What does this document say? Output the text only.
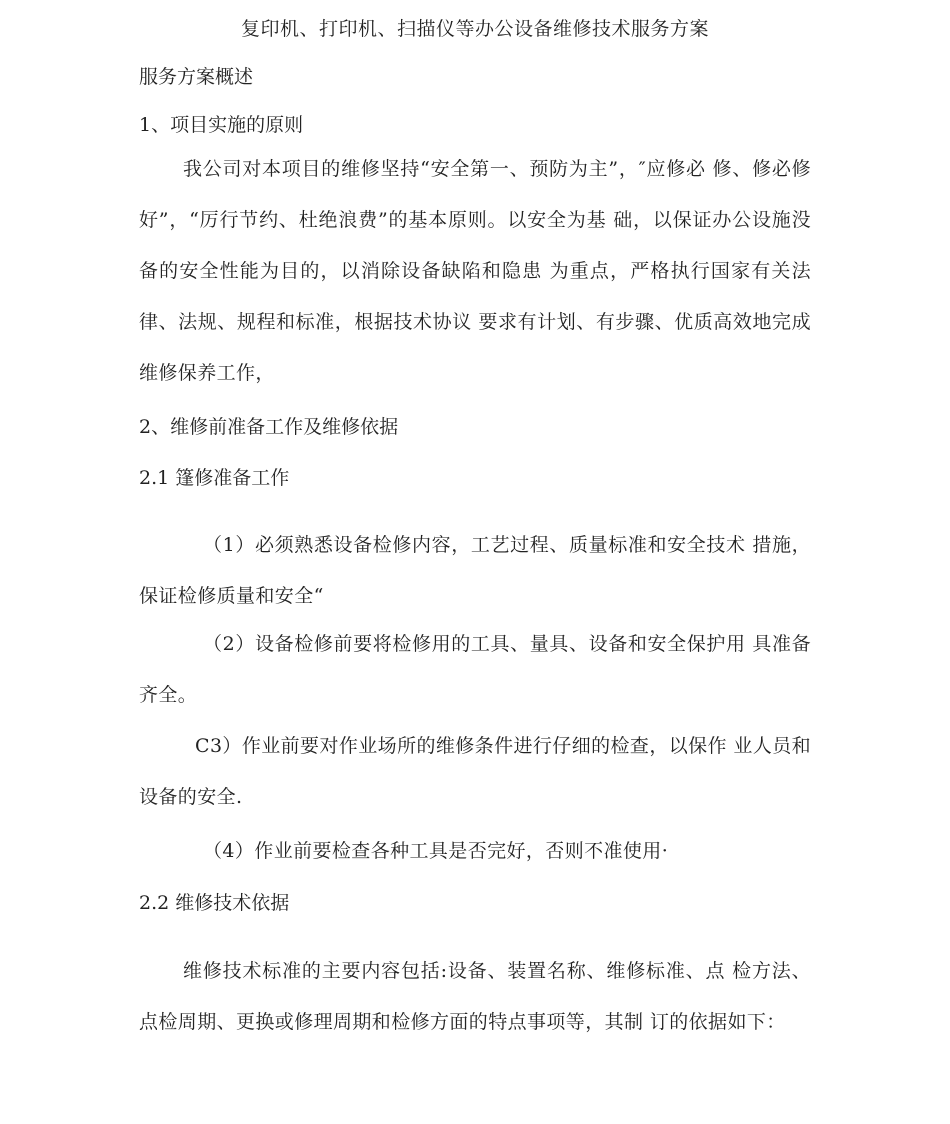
复印机、打印机、扫描仪等办公设备维修技术服务方案
服务方案概述
1、项目实施的原则
我公司对本项目的维修坚持“安全第一、预防为主”，″应修必 修、修必修好”，“厉行节约、杜绝浪费”的基本原则。以安全为基 础，以保证办公设施没备的安全性能为目的，以消除设备缺陷和隐患 为重点，严格执行国家有关法律、法规、规程和标准，根据技术协议 要求有计划、有步骤、优质高效地完成维修保养工作，
2、维修前准备工作及维修依据
2.1 篷修准备工作
（1）必须熟悉设备检修内容，工艺过程、质量标准和安全技术 措施，保证检修质量和安全“
（2）设备检修前要将检修用的工具、量具、设备和安全保护用 具准备齐全。
C3）作业前要对作业场所的维修条件进行仔细的检查，以保作 业人员和设备的安全.
（4）作业前要检查各种工具是否完好，否则不准使用·
2.2 维修技术依据
维修技术标准的主要内容包括:设备、装置名称、维修标准、点 检方法、点检周期、更换或修理周期和检修方面的特点事项等，其制 订的依据如下：
